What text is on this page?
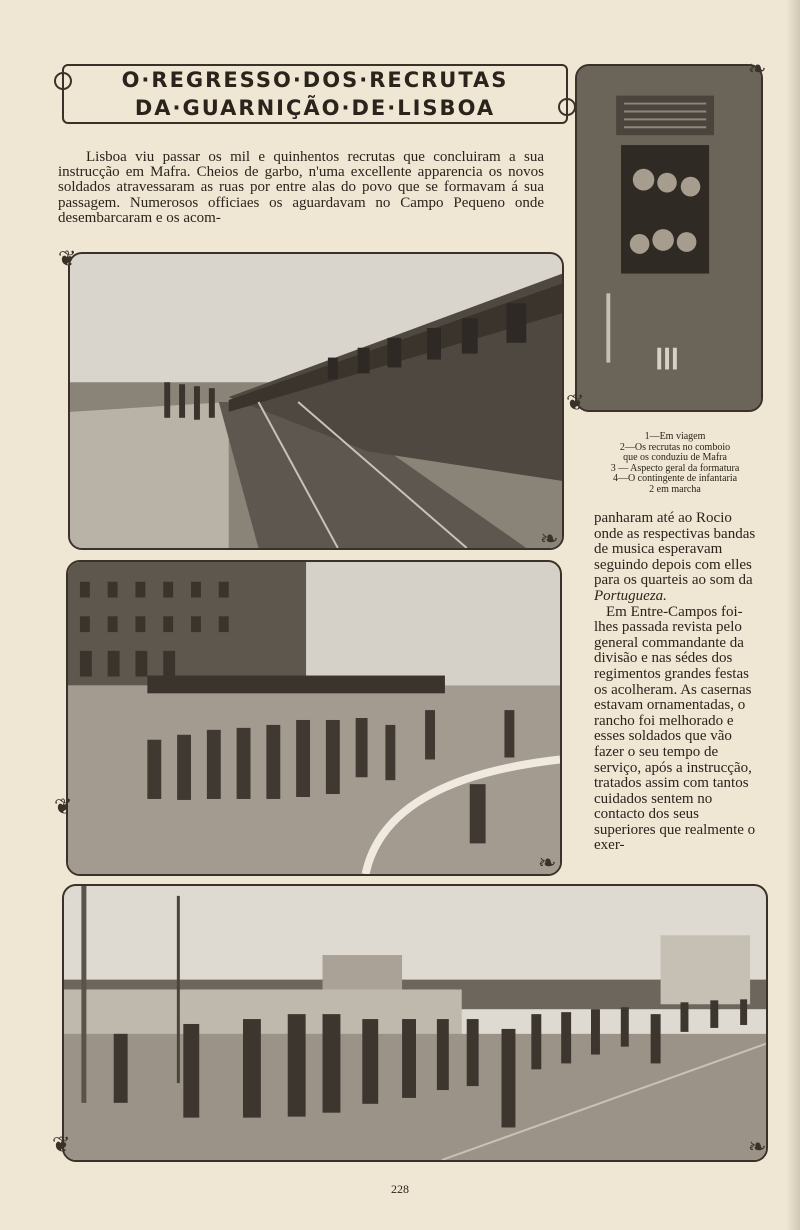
O·REGRESSO·DOS·RECRUTAS
DA·GUARNIÇÃO·DE·LISBOA
Lisboa viu passar os mil e quinhentos recrutas que concluiram a sua instrucção em Mafra. Cheios de garbo, n'uma excellente apparencia os novos soldados atravessaram as ruas por entre alas do povo que se formavam á sua passagem. Numerosos officiaes os aguardavam no Campo Pequeno onde desembarcaram e os acom-
1—Em viagem
2—Os recrutas no comboio
que os conduziu de Mafra
3 — Aspecto geral da formatura
4—O contingente de infantaria
2 em marcha

panharam até ao Rocio onde as respectivas bandas de musica esperavam seguindo depois com elles para os quarteis ao som da Portugueza.

Em Entre-Campos foi-lhes passada revista pelo general commandante da divisão e nas sédes dos regimentos grandes festas os acolheram. As casernas estavam ornamentadas, o rancho foi melhorado e esses soldados que vão fazer o seu tempo de serviço, após a instrucção, tratados assim com tantos cuidados sentem no contacto dos seus superiores que realmente o exer-

❦
❧
❦
❧
❦	❧
❧
❦
228
